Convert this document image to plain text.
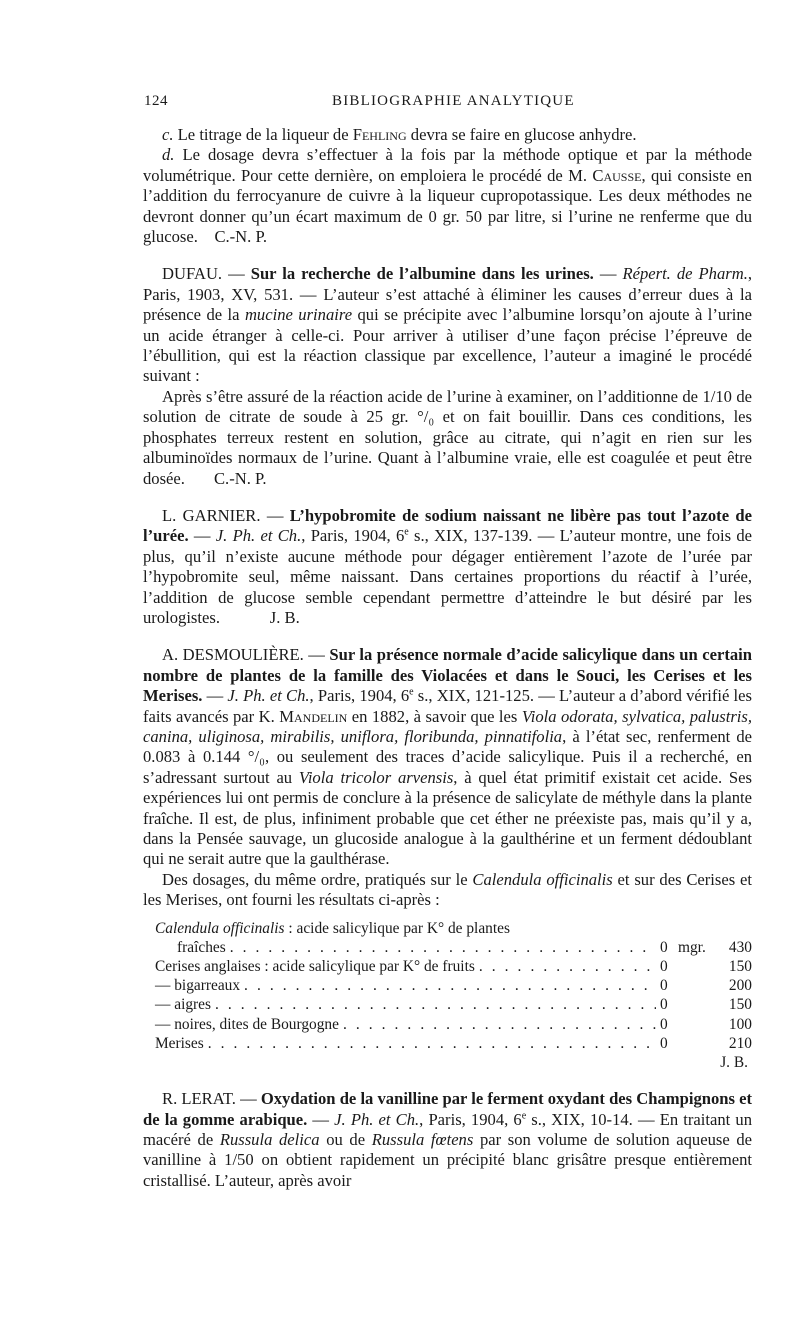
124	BIBLIOGRAPHIE ANALYTIQUE

c. Le titrage de la liqueur de Fehling devra se faire en glucose anhydre.

d. Le dosage devra s’effectuer à la fois par la méthode optique et par la méthode volumétrique. Pour cette dernière, on emploiera le procédé de M. Causse, qui consiste en l’addition du ferrocyanure de cuivre à la liqueur cupropotassique. Les deux méthodes ne devront donner qu’un écart maximum de 0 gr. 50 par litre, si l’urine ne renferme que du glucose. C.-N. P.

DUFAU. — Sur la recherche de l’albumine dans les urines. — Répert. de Pharm., Paris, 1903, XV, 531. — L’auteur s’est attaché à éliminer les causes d’erreur dues à la présence de la mucine urinaire qui se précipite avec l’albumine lorsqu’on ajoute à l’urine un acide étranger à celle-ci. Pour arriver à utiliser d’une façon précise l’épreuve de l’ébullition, qui est la réaction classique par excellence, l’auteur a imaginé le procédé suivant :

Après s’être assuré de la réaction acide de l’urine à examiner, on l’additionne de 1/10 de solution de citrate de soude à 25 gr. °/₀ et on fait bouillir. Dans ces conditions, les phosphates terreux restent en solution, grâce au citrate, qui n’agit en rien sur les albuminoïdes normaux de l’urine. Quant à l’albumine vraie, elle est coagulée et peut être dosée. C.-N. P.

L. GARNIER. — L’hypobromite de sodium naissant ne libère pas tout l’azote de l’urée. — J. Ph. et Ch., Paris, 1904, 6e s., XIX, 137-139. — L’auteur montre, une fois de plus, qu’il n’existe aucune méthode pour dégager entièrement l’azote de l’urée par l’hypobromite seul, même naissant. Dans certaines proportions du réactif à l’urée, l’addition de glucose semble cependant permettre d’atteindre le but désiré par les urologistes.	J. B.

A. DESMOULIÈRE. — Sur la présence normale d’acide salicylique dans un certain nombre de plantes de la famille des Violacées et dans le Souci, les Cerises et les Merises. — J. Ph. et Ch., Paris, 1904, 6e s., XIX, 121-125. — L’auteur a d’abord vérifié les faits avancés par K. Mandelin en 1882, à savoir que les Viola odorata, sylvatica, palustris, canina, uliginosa, mirabilis, uniflora, floribunda, pinnatifolia, à l’état sec, renferment de 0.083 à 0.144 °/₀, ou seulement des traces d’acide salicylique. Puis il a recherché, en s’adressant surtout au Viola tricolor arvensis, à quel état primitif existait cet acide. Ses expériences lui ont permis de conclure à la présence de salicylate de méthyle dans la plante fraîche. Il est, de plus, infiniment probable que cet éther ne préexiste pas, mais qu’il y a, dans la Pensée sauvage, un glucoside analogue à la gaulthérine et un ferment dédoublant qui ne serait autre que la gaulthérase.

Des dosages, du même ordre, pratiqués sur le Calendula officinalis et sur des Cerises et les Merises, ont fourni les résultats ci-après :

Calendula officinalis : acide salicylique par K° de plantes
fraîches . . .	0 mgr.	430
Cerises anglaises : acide salicylique par K° de fruits . . .	0	150
— bigarreaux . . .	0	200
— aigres . . .	0	150
— noires, dites de Bourgogne . . .	0	100
Merises . . .	0	210
J. B.

R. LERAT. — Oxydation de la vanilline par le ferment oxydant des Champignons et de la gomme arabique. — J. Ph. et Ch., Paris, 1904, 6e s., XIX, 10-14. — En traitant un macéré de Russula delica ou de Russula fœtens par son volume de solution aqueuse de vanilline à 1/50 on obtient rapidement un précipité blanc grisâtre presque entièrement cristallisé. L’auteur, après avoir
